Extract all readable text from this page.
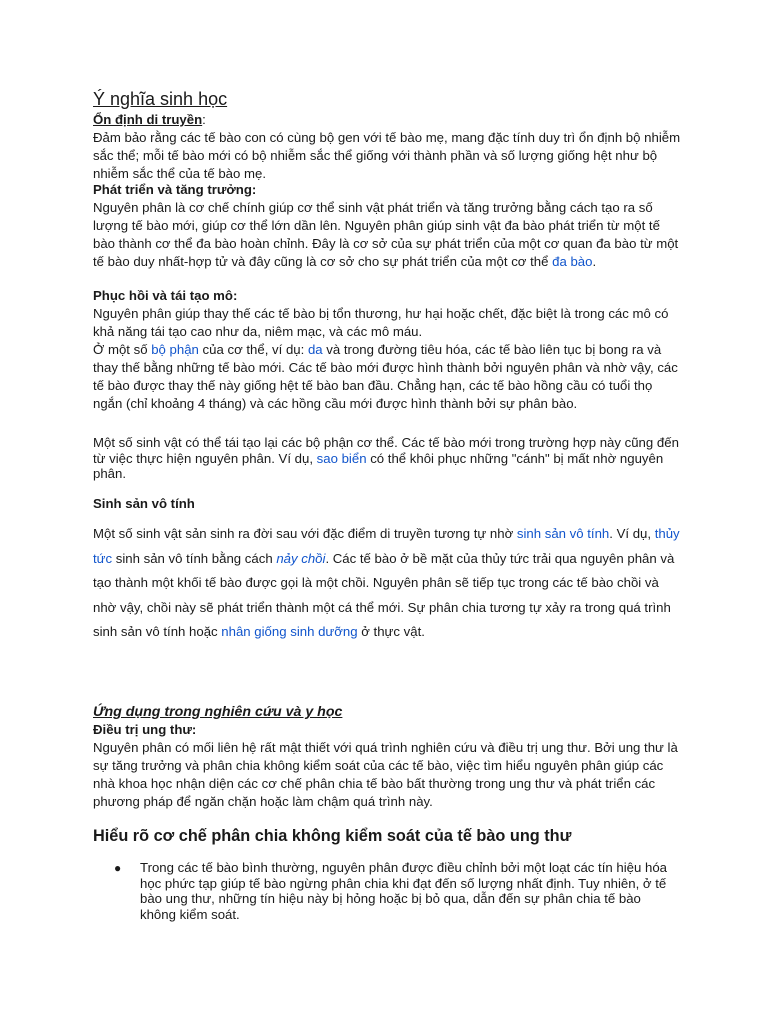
Ý nghĩa sinh học

Ổn định di truyền:
Đảm bảo rằng các tế bào con có cùng bộ gen với tế bào mẹ, mang đặc tính duy trì ổn định bộ nhiễm sắc thể; mỗi tế bào mới có bộ nhiễm sắc thể giống với thành phần và số lượng giống hệt như bộ nhiễm sắc thể của tế bào mẹ.

Phát triển và tăng trưởng:
Nguyên phân là cơ chế chính giúp cơ thể sinh vật phát triển và tăng trưởng bằng cách tạo ra số lượng tế bào mới, giúp cơ thể lớn dần lên. Nguyên phân giúp sinh vật đa bào phát triển từ một tế bào thành cơ thể đa bào hoàn chỉnh. Đây là cơ sở của sự phát triển của một cơ quan đa bào từ một tế bào duy nhất-hợp tử và đây cũng là cơ sở cho sự phát triển của một cơ thể đa bào.

Phục hồi và tái tạo mô:
Nguyên phân giúp thay thế các tế bào bị tổn thương, hư hại hoặc chết, đặc biệt là trong các mô có khả năng tái tạo cao như da, niêm mạc, và các mô máu.
Ở một số bộ phận của cơ thể, ví dụ: da và trong đường tiêu hóa, các tế bào liên tục bị bong ra và thay thế bằng những tế bào mới. Các tế bào mới được hình thành bởi nguyên phân và nhờ vậy, các tế bào được thay thế này giống hệt tế bào ban đầu. Chẳng hạn, các tế bào hồng cầu có tuổi thọ ngắn (chỉ khoảng 4 tháng) và các hồng cầu mới được hình thành bởi sự phân bào.

Một số sinh vật có thể tái tạo lại các bộ phận cơ thể. Các tế bào mới trong trường hợp này cũng đến từ việc thực hiện nguyên phân. Ví dụ, sao biển có thể khôi phục những "cánh" bị mất nhờ nguyên phân.

Sinh sản vô tính

Một số sinh vật sản sinh ra đời sau với đặc điểm di truyền tương tự nhờ sinh sản vô tính. Ví dụ, thủy tức sinh sản vô tính bằng cách nảy chồi. Các tế bào ở bề mặt của thủy tức trải qua nguyên phân và tạo thành một khối tế bào được gọi là một chồi. Nguyên phân sẽ tiếp tục trong các tế bào chồi và nhờ vậy, chồi này sẽ phát triển thành một cá thể mới. Sự phân chia tương tự xảy ra trong quá trình sinh sản vô tính hoặc nhân giống sinh dưỡng ở thực vật.

Ứng dụng trong nghiên cứu và y học

Điều trị ung thư:
Nguyên phân có mối liên hệ rất mật thiết với quá trình nghiên cứu và điều trị ung thư. Bởi ung thư là sự tăng trưởng và phân chia không kiểm soát của các tế bào, việc tìm hiểu nguyên phân giúp các nhà khoa học nhận diện các cơ chế phân chia tế bào bất thường trong ung thư và phát triển các phương pháp để ngăn chặn hoặc làm chậm quá trình này.

Hiểu rõ cơ chế phân chia không kiểm soát của tế bào ung thư
● Trong các tế bào bình thường, nguyên phân được điều chỉnh bởi một loạt các tín hiệu hóa học phức tạp giúp tế bào ngừng phân chia khi đạt đến số lượng nhất định. Tuy nhiên, ở tế bào ung thư, những tín hiệu này bị hỏng hoặc bị bỏ qua, dẫn đến sự phân chia tế bào không kiểm soát.
